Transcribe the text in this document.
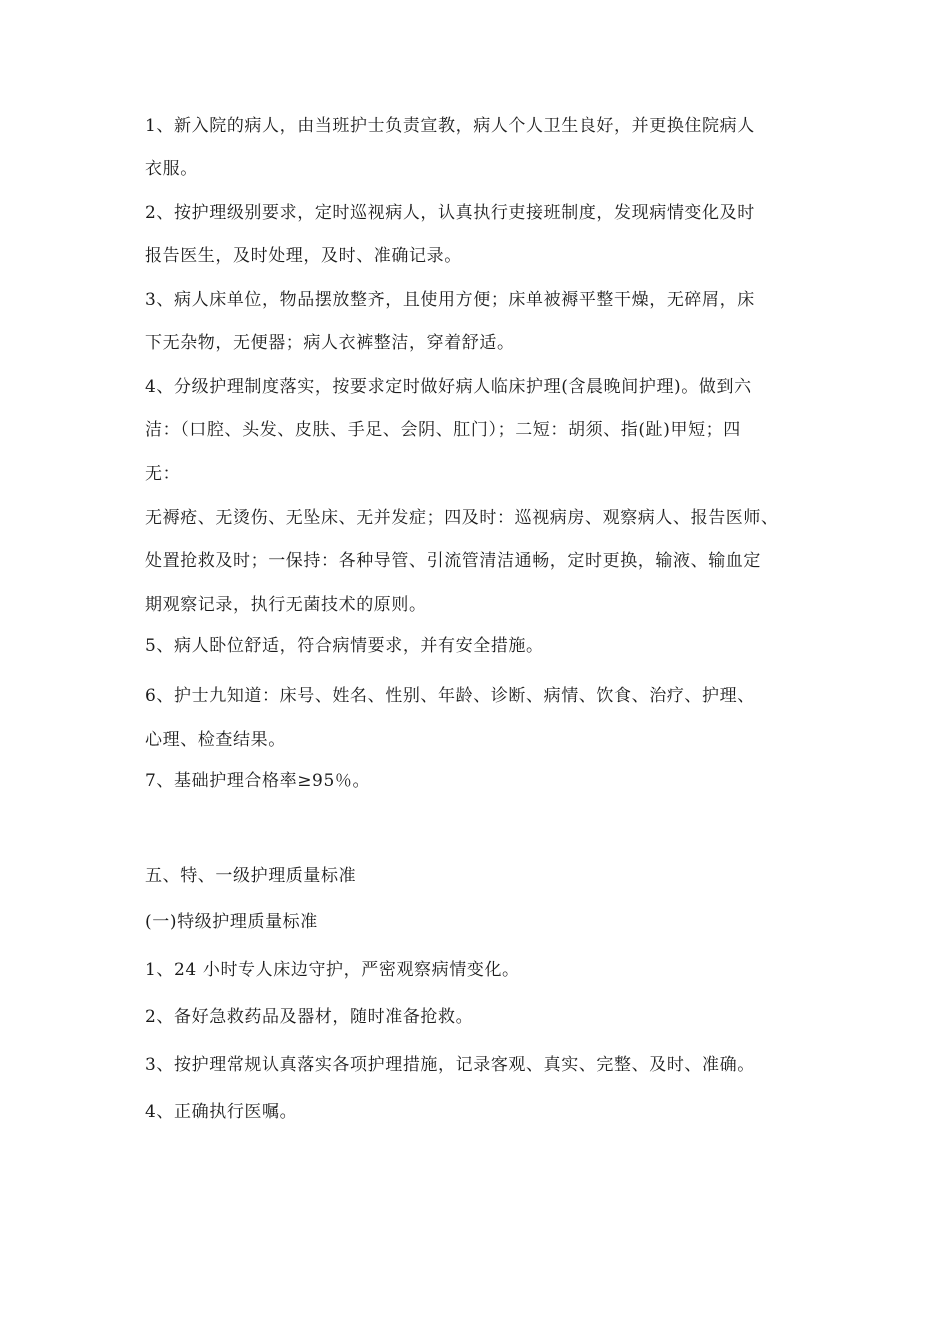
1、新入院的病人，由当班护士负责宣教，病人个人卫生良好，并更换住院病人
衣服。
2、按护理级别要求，定时巡视病人，认真执行吏接班制度，发现病情变化及时
报告医生，及时处理，及时、准确记录。
3、病人床单位，物品摆放整齐，且使用方便；床单被褥平整干燥，无碎屑，床
下无杂物，无便器；病人衣裤整洁，穿着舒适。
4、分级护理制度落实，按要求定时做好病人临床护理(含晨晚间护理)。做到六
洁：（口腔、头发、皮肤、手足、会阴、肛门）；二短：胡须、指(趾)甲短；四
无：
无褥疮、无烫伤、无坠床、无并发症；四及时：巡视病房、观察病人、报告医师、
处置抢救及时；一保持：各种导管、引流管清洁通畅，定时更换，输液、输血定
期观察记录，执行无菌技术的原则。
5、病人卧位舒适，符合病情要求，并有安全措施。
6、护士九知道：床号、姓名、性别、年龄、诊断、病情、饮食、治疗、护理、
心理、检查结果。
7、基础护理合格率≥95％。
五、特、一级护理质量标准
(一)特级护理质量标准
1、24 小时专人床边守护，严密观察病情变化。
2、备好急救药品及器材，随时准备抢救。
3、按护理常规认真落实各项护理措施，记录客观、真实、完整、及时、准确。
4、正确执行医嘱。
